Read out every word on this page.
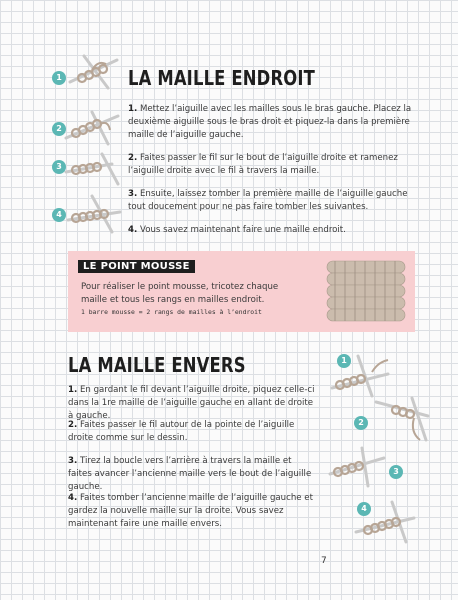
LA MAILLE ENDROIT
1. Mettez l’aiguille avec les mailles sous le bras gauche. Placez la deuxième aiguille sous le bras droit et piquez-la dans la première maille de l’aiguille gauche.
2. Faites passer le fil sur le bout de l’aiguille droite et ramenez l’aiguille droite avec le fil à travers la maille.
3. Ensuite, laissez tomber la première maille de l’aiguille gauche tout doucement pour ne pas faire tomber les suivantes.
4. Vous savez maintenant faire une maille endroit.
1
2
3
4
LE POINT MOUSSE
Pour réaliser le point mousse, tricotez chaque maille et tous les rangs en mailles endroit.
1 barre mousse = 2 rangs de mailles à l’endroit
LA MAILLE ENVERS
1. En gardant le fil devant l’aiguille droite, piquez celle-ci dans la 1re maille de l’aiguille gauche en allant de droite à gauche.
2. Faites passer le fil autour de la pointe de l’aiguille droite comme sur le dessin.
3. Tirez la boucle vers l’arrière à travers la maille et faites avancer l’ancienne maille vers le bout de l’aiguille gauche.
4. Faites tomber l’ancienne maille de l’aiguille gauche et gardez la nouvelle maille sur la droite. Vous savez maintenant faire une maille envers.
1
2
3
4
7
